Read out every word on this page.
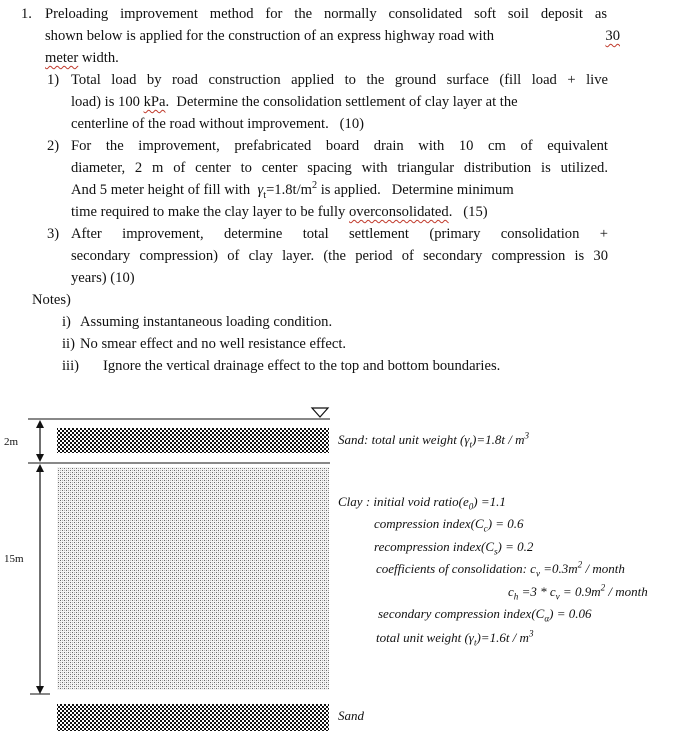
1. Preloading improvement method for the normally consolidated soft soil deposit as
shown below is applied for the construction of an express highway road with	30
meter width.
1) Total load by road construction applied to the ground surface (fill load + live
load) is 100 kPa.  Determine the consolidation settlement of clay layer at the
centerline of the road without improvement.   (10)
2) For the improvement, prefabricated board drain with 10 cm of equivalent
diameter, 2 m of center to center spacing with triangular distribution is utilized.
And 5 meter height of fill with $\gamma_t=1.8t/m^2$ is applied.   Determine minimum
time required to make the clay layer to be fully overconsolidated.   (15)
3) After improvement, determine total settlement (primary consolidation +
secondary compression) of clay layer. (the period of secondary compression is 30
years) (10)
Notes)
i) Assuming instantaneous loading condition.
ii) No smear effect and no well resistance effect.
iii) Ignore the vertical drainage effect to the top and bottom boundaries.
2m
15m
Sand: total unit weight $(\gamma_t)=1.8t / m^3$
Clay : initial void $ratio(e_0) =1.1$
compression $index(C_c) = 0.6$
recompression $index(C_s) = 0.2$
coefficients of consolidation: $c_v =0.3m^2$ / month
$c_h =3 * c_v = 0.9m^2$ / month
secondary compression $index(C_\alpha) = 0.06$
total unit weight $(\gamma_t)=1.6t / m^3$
Sand
